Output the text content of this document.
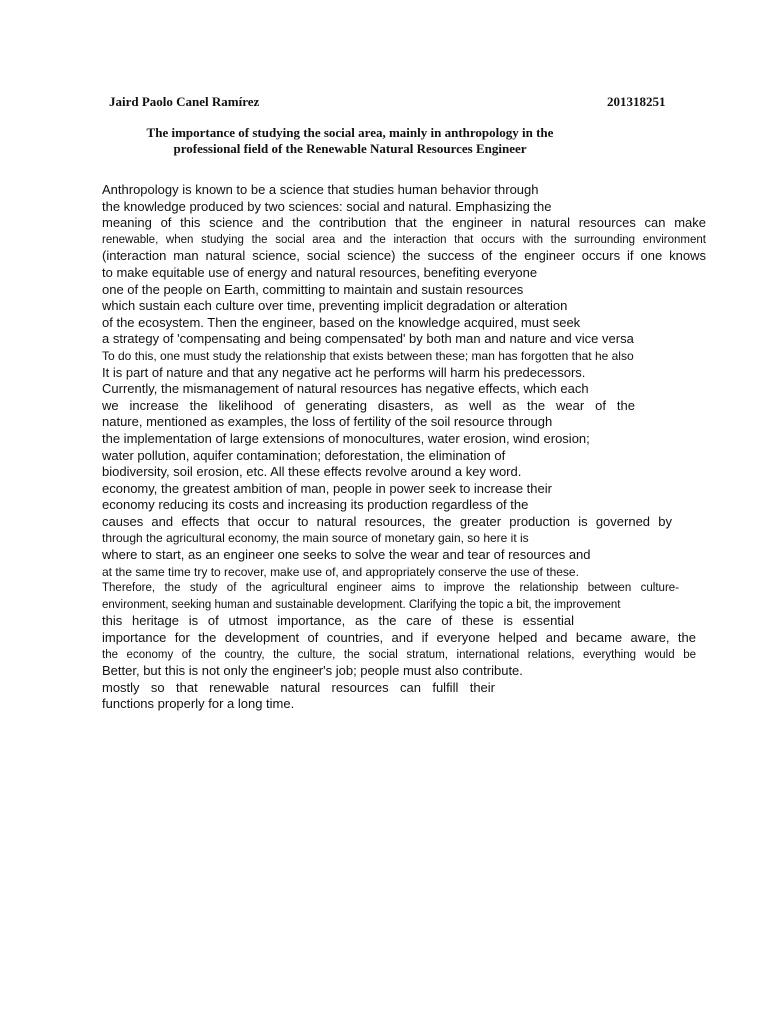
Jaird Paolo Canel Ramírez	201318251
The importance of studying the social area, mainly in anthropology in the
professional field of the Renewable Natural Resources Engineer
Anthropology is known to be a science that studies human behavior through
the knowledge produced by two sciences: social and natural. Emphasizing the
meaning of this science and the contribution that the engineer in natural resources can make
renewable, when studying the social area and the interaction that occurs with the surrounding environment
(interaction man natural science, social science) the success of the engineer occurs if one knows
to make equitable use of energy and natural resources, benefiting everyone
one of the people on Earth, committing to maintain and sustain resources
which sustain each culture over time, preventing implicit degradation or alteration
of the ecosystem. Then the engineer, based on the knowledge acquired, must seek
a strategy of 'compensating and being compensated' by both man and nature and vice versa
To do this, one must study the relationship that exists between these; man has forgotten that he also
It is part of nature and that any negative act he performs will harm his predecessors.
Currently, the mismanagement of natural resources has negative effects, which each
we increase the likelihood of generating disasters, as well as the wear of the
nature, mentioned as examples, the loss of fertility of the soil resource through
the implementation of large extensions of monocultures, water erosion, wind erosion;
water pollution, aquifer contamination; deforestation, the elimination of
biodiversity, soil erosion, etc. All these effects revolve around a key word.
economy, the greatest ambition of man, people in power seek to increase their
economy reducing its costs and increasing its production regardless of the
causes and effects that occur to natural resources, the greater production is governed by
through the agricultural economy, the main source of monetary gain, so here it is
where to start, as an engineer one seeks to solve the wear and tear of resources and
at the same time try to recover, make use of, and appropriately conserve the use of these.
Therefore, the study of the agricultural engineer aims to improve the relationship between culture-
environment, seeking human and sustainable development. Clarifying the topic a bit, the improvement
this heritage is of utmost importance, as the care of these is essential
importance for the development of countries, and if everyone helped and became aware, the
the economy of the country, the culture, the social stratum, international relations, everything would be
Better, but this is not only the engineer's job; people must also contribute.
mostly so that renewable natural resources can fulfill their
functions properly for a long time.
